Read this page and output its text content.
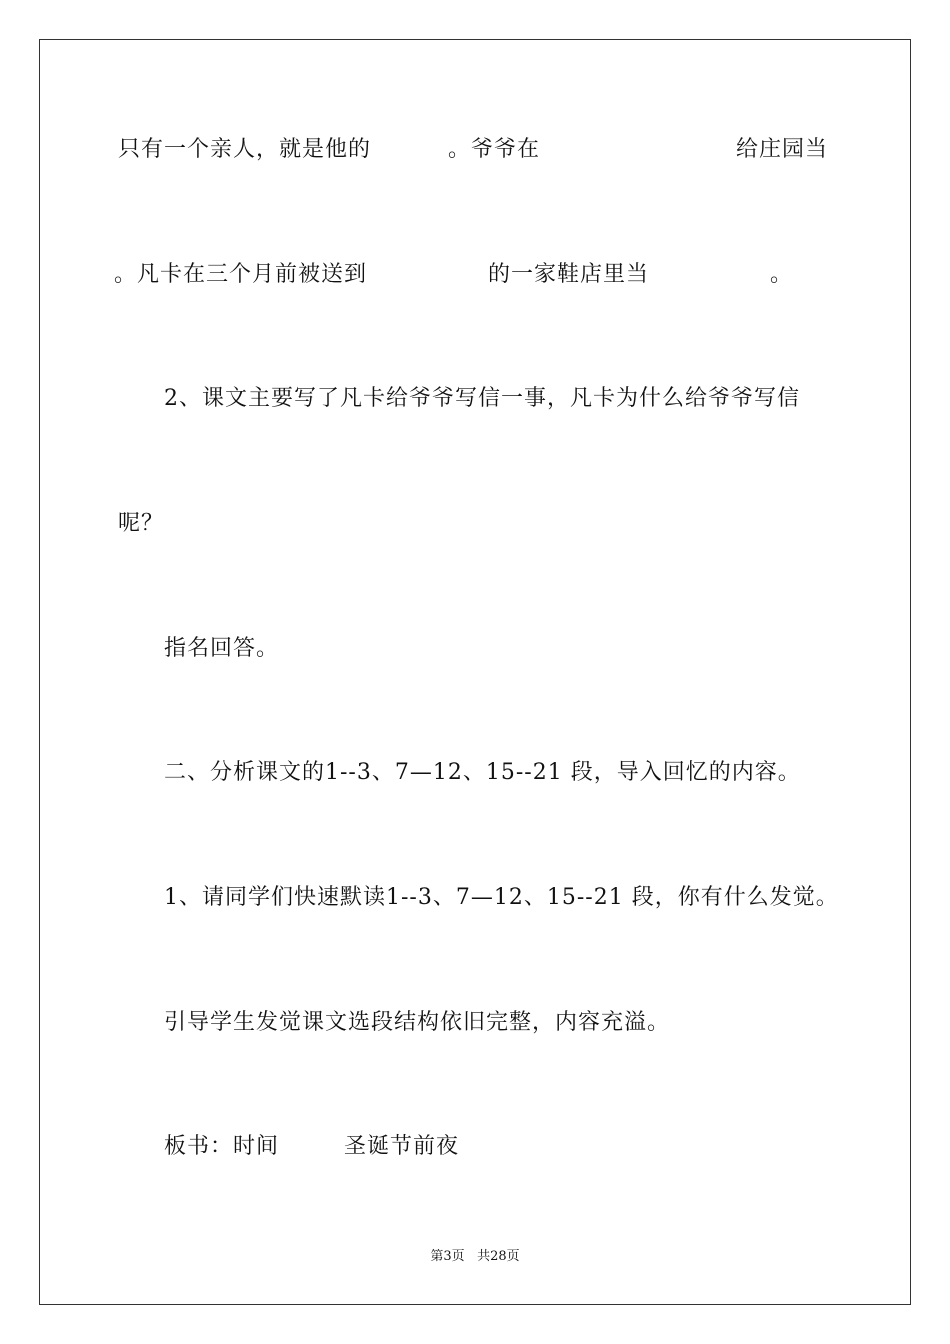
只有一个亲人，就是他的

	。爷爷在

	给庄园当

。凡卡在三个月前被送到

	的一家鞋店里当

	。

2、课文主要写了凡卡给爷爷写信一事，凡卡为什么给爷爷写信
呢？
指名回答。
二、分析课文的1--3、7—12、15--21 段，导入回忆的内容。
1、请同学们快速默读1--3、7—12、15--21 段，你有什么发觉。
引导学生发觉课文选段结构依旧完整，内容充溢。

板书：时间

	圣诞节前夜

第3页 共28页
